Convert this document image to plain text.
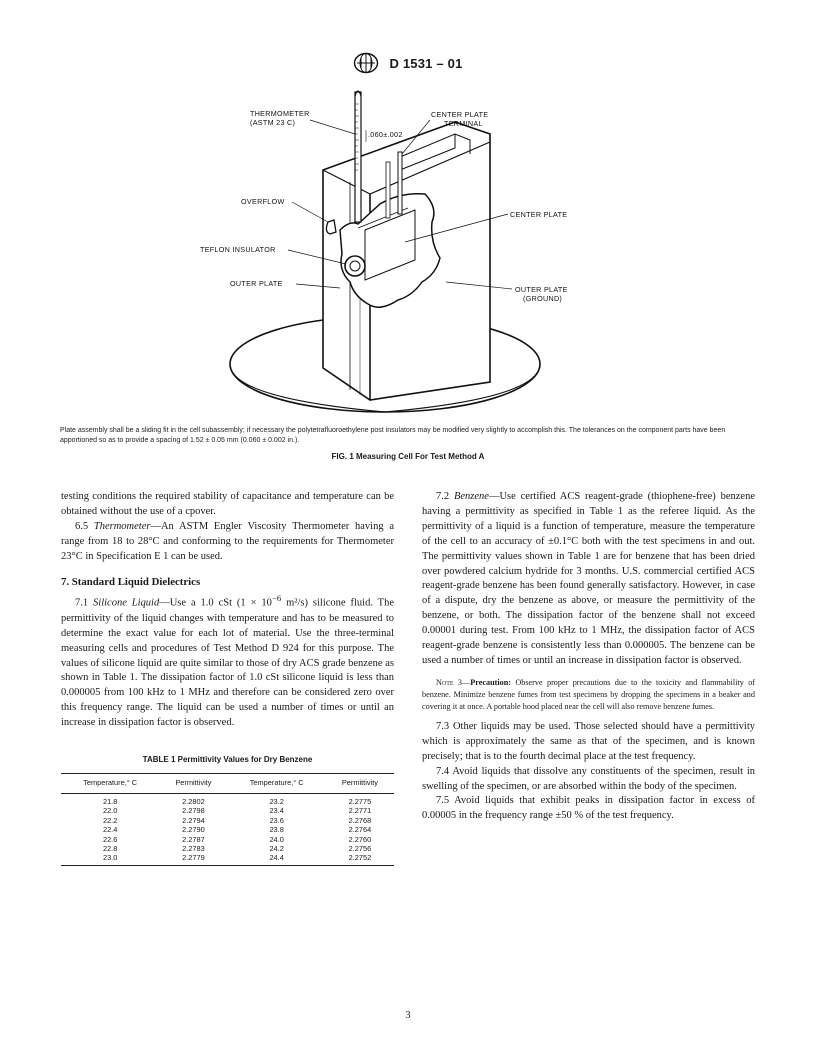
D 1531 – 01
THERMOMETER
(ASTM 23 C)
.060±.002
CENTER PLATE
TERMINAL
OVERFLOW
CENTER PLATE
TEFLON INSULATOR
OUTER PLATE
OUTER PLATE
(GROUND)
Plate assembly shall be a sliding fit in the cell subassembly; if necessary the polytetrafluoroethylene post insulators may be modified very slightly to accomplish this. The tolerances on the component parts have been apportioned so as to provide a spacing of 1.52 ± 0.05 mm (0.060 ± 0.002 in.).
FIG. 1 Measuring Cell For Test Method A

testing conditions the required stability of capacitance and temperature can be obtained without the use of a cpover.

6.5 Thermometer—An ASTM Engler Viscosity Thermometer having a range from 18 to 28°C and conforming to the requirements for Thermometer 23°C in Specification E 1 can be used.

7. Standard Liquid Dielectrics

7.1 Silicone Liquid—Use a 1.0 cSt ($1 \times 10^{-6}$ m²/s) silicone fluid. The permittivity of the liquid changes with temperature and has to be measured to determine the exact value for each lot of material. Use the three-terminal measuring cells and procedures of Test Method D 924 for this purpose. The values of silicone liquid are quite similar to those of dry ACS grade benzene as shown in Table 1. The dissipation factor of 1.0 cSt silicone liquid is less than 0.000005 from 100 kHz to 1 MHz and therefore can be considered zero over this frequency range. The liquid can be used a number of times or until an increase in dissipation factor is observed.

TABLE 1 Permittivity Values for Dry Benzene
Temperature,° C	Permittivity	Temperature,° C	Permittivity
21.8	2.2802	23.2	2.2775
22.0	2.2798	23.4	2.2771
22.2	2.2794	23.6	2.2768
22.4	2.2790	23.8	2.2764
22.6	2.2787	24.0	2.2760
22.8	2.2783	24.2	2.2756
23.0	2.2779	24.4	2.2752

7.2 Benzene—Use certified ACS reagent-grade (thiophene-free) benzene having a permittivity as specified in Table 1 as the referee liquid. As the permittivity of a liquid is a function of temperature, measure the temperature of the cell to an accuracy of ±0.1°C both with the test specimens in and out. The permittivity values shown in Table 1 are for benzene that has been dried over powdered calcium hydride for 3 months. U.S. commercial certified ACS reagent-grade benzene has been found generally satisfactory. However, in case of a dispute, dry the benzene as above, or measure the permittivity of the benzene, or both. The dissipation factor of the benzene shall not exceed 0.00001 during test. From 100 kHz to 1 MHz, the dissipation factor of ACS reagent-grade benzene is consistently less than 0.000005. The benzene can be used a number of times or until an increase in dissipation factor is observed.

Note 3—Precaution: Observe proper precautions due to the toxicity and flammability of benzene. Minimize benzene fumes from test specimens by dropping the specimens in a beaker and covering it at once. A portable hood placed near the cell will also remove benzene fumes.

7.3 Other liquids may be used. Those selected should have a permittivity which is approximately the same as that of the specimen, and is known precisely; that is to the fourth decimal place at the test frequency.

7.4 Avoid liquids that dissolve any constituents of the specimen, result in swelling of the specimen, or are absorbed within the body of the specimen.

7.5 Avoid liquids that exhibit peaks in dissipation factor in excess of 0.00005 in the frequency range ±50 % of the test frequency.

3
